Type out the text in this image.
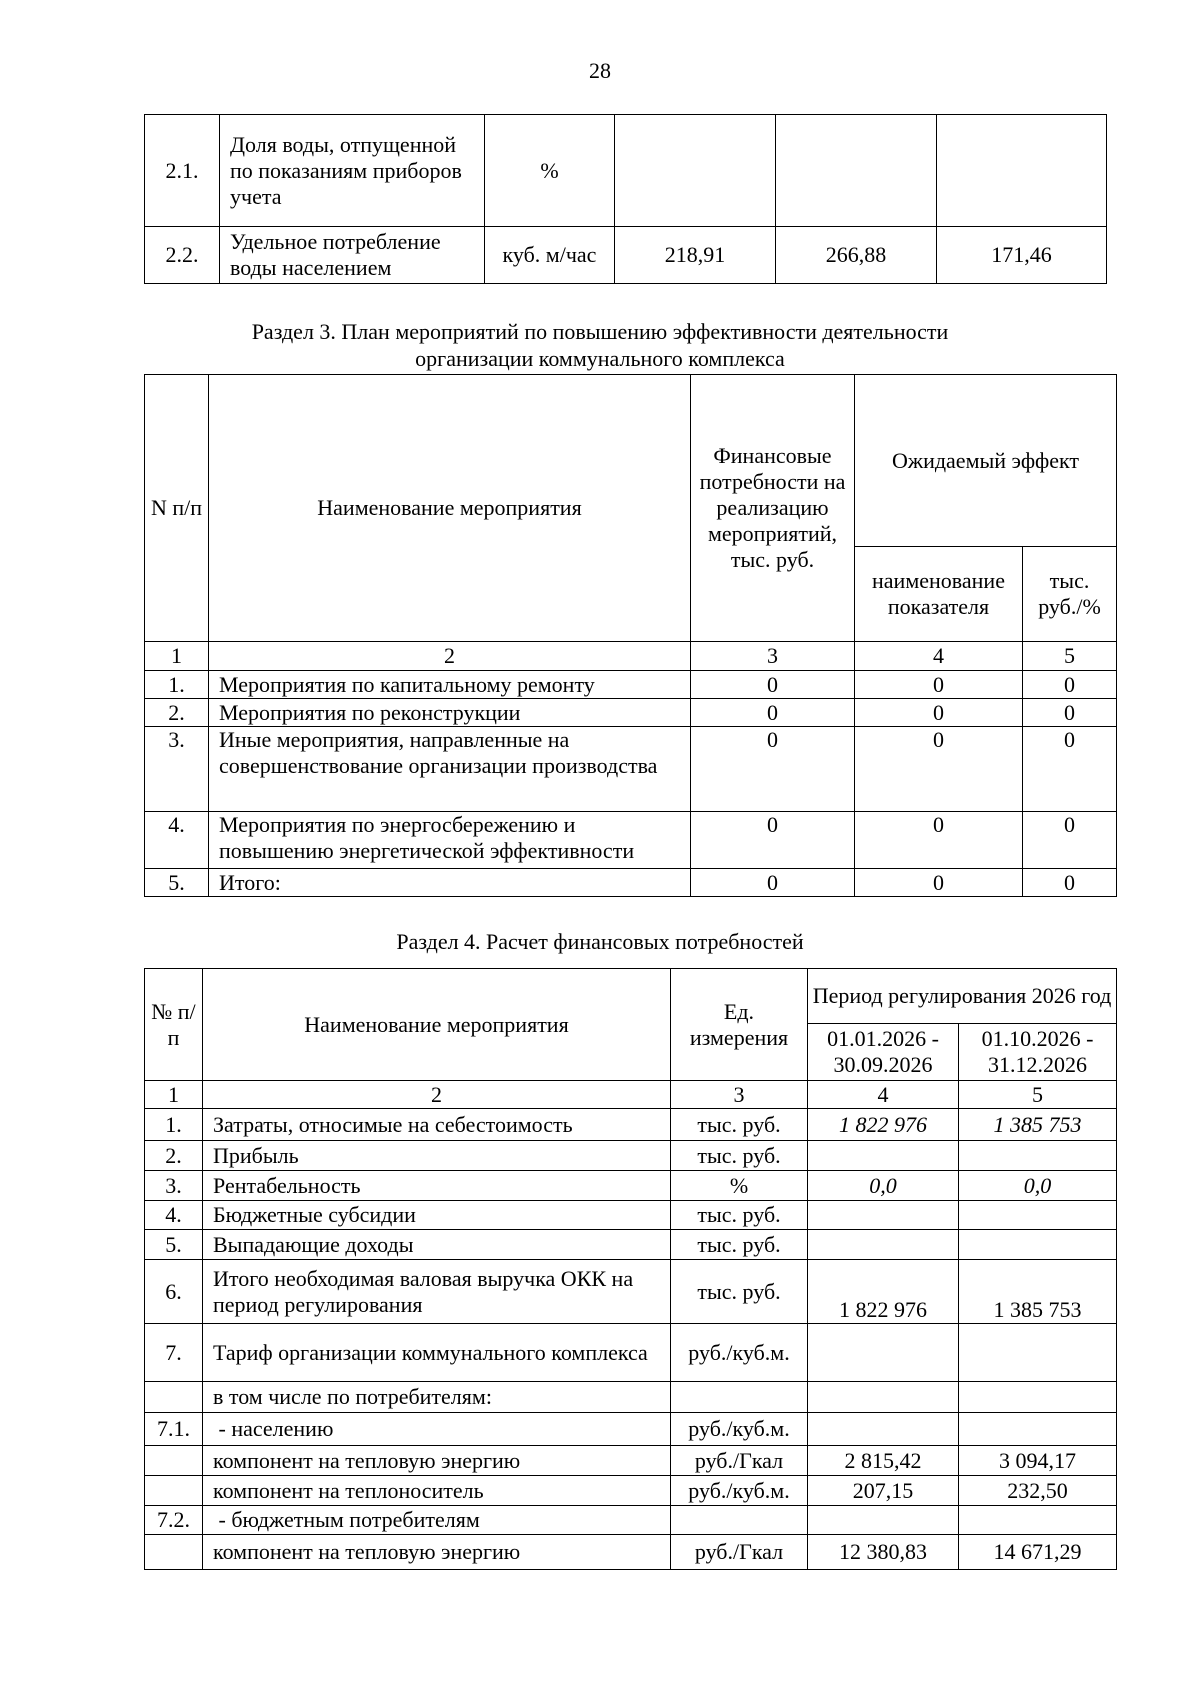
28
2.1.	Доля воды, отпущенной по показаниям приборов учета	%			
2.2.	Удельное потребление воды населением	куб. м/час	218,91	266,88	171,46
Раздел 3. План мероприятий по повышению эффективности деятельности
организации коммунального комплекса
N п/п	Наименование мероприятия	Финансовые потребности на реализацию мероприятий, тыс. руб.	Ожидаемый эффект	
			наименование показателя	тыс. руб./%
1	2	3	4	5
1.	Мероприятия по капитальному ремонту	0	0	0
2.	Мероприятия по реконструкции	0	0	0
3.	Иные мероприятия, направленные на совершенствование организации производства	0	0	0
4.	Мероприятия по энергосбережению и повышению энергетической эффективности	0	0	0
5.	Итого:	0	0	0
Раздел 4. Расчет финансовых потребностей
№ п/п	Наименование мероприятия	Ед. измерения	Период регулирования 2026 год	
			01.01.2026 - 30.09.2026	01.10.2026 - 31.12.2026
1	2	3	4	5
1.	Затраты, относимые на себестоимость	тыс. руб.	1 822 976	1 385 753
2.	Прибыль	тыс. руб.		
3.	Рентабельность	%	0,0	0,0
4.	Бюджетные субсидии	тыс. руб.		
5.	Выпадающие доходы	тыс. руб.		
6.	Итого необходимая валовая выручка ОКК на период регулирования	тыс. руб.	1 822 976	1 385 753
7.	Тариф организации коммунального комплекса	руб./куб.м.		
	в том числе по потребителям:			
7.1.	- населению	руб./куб.м.		
	компонент на тепловую энергию	руб./Гкал	2 815,42	3 094,17
	компонент на теплоноситель	руб./куб.м.	207,15	232,50
7.2.	- бюджетным потребителям			
	компонент на тепловую энергию	руб./Гкал	12 380,83	14 671,29
